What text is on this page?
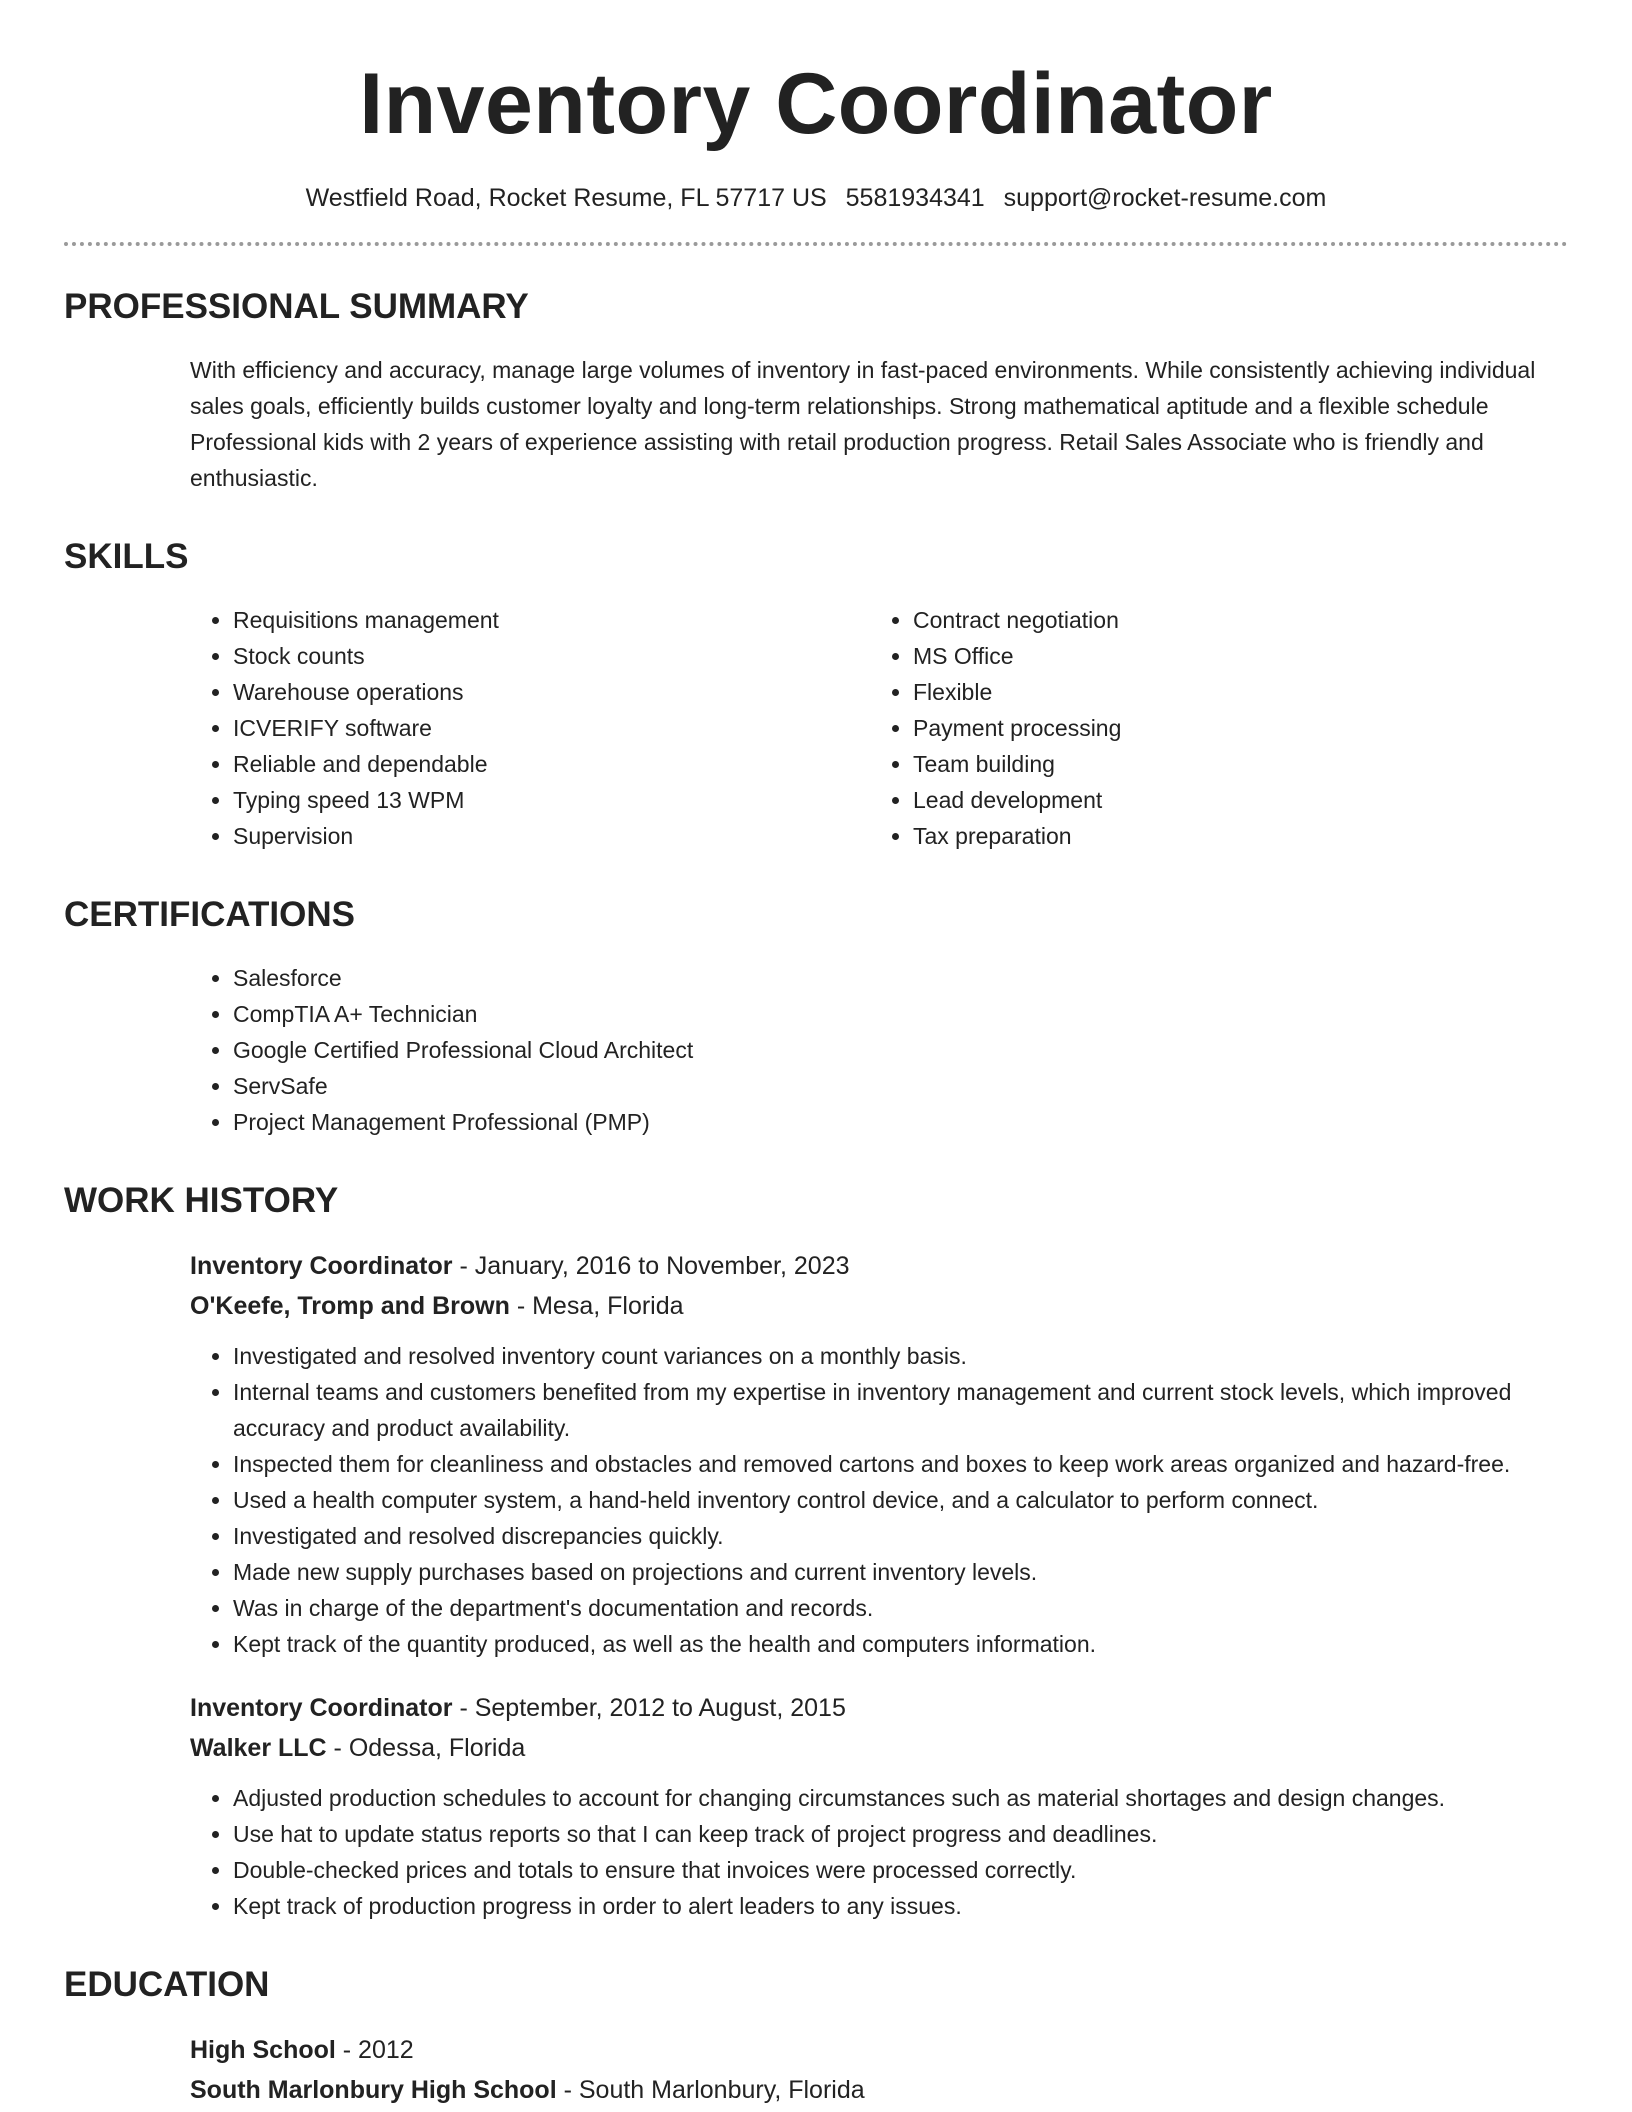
Inventory Coordinator
Westfield Road, Rocket Resume, FL 57717 US 5581934341 support@rocket-resume.com
PROFESSIONAL SUMMARY

With efficiency and accuracy, manage large volumes of inventory in fast-paced environments. While consistently achieving individual sales goals, efficiently builds customer loyalty and long-term relationships. Strong mathematical aptitude and a flexible schedule Professional kids with 2 years of experience assisting with retail production progress. Retail Sales Associate who is friendly and enthusiastic.

SKILLS
• Requisitions management
• Stock counts
• Warehouse operations
• ICVERIFY software
• Reliable and dependable
• Typing speed 13 WPM
• Supervision
• Contract negotiation
• MS Office
• Flexible
• Payment processing
• Team building
• Lead development
• Tax preparation
CERTIFICATIONS
• Salesforce
• CompTIA A+ Technician
• Google Certified Professional Cloud Architect
• ServSafe
• Project Management Professional (PMP)
WORK HISTORY
Inventory Coordinator - January, 2016 to November, 2023
O'Keefe, Tromp and Brown - Mesa, Florida
• Investigated and resolved inventory count variances on a monthly basis.
• Internal teams and customers benefited from my expertise in inventory management and current stock levels, which improved accuracy and product availability.
• Inspected them for cleanliness and obstacles and removed cartons and boxes to keep work areas organized and hazard-free.
• Used a health computer system, a hand-held inventory control device, and a calculator to perform connect.
• Investigated and resolved discrepancies quickly.
• Made new supply purchases based on projections and current inventory levels.
• Was in charge of the department's documentation and records.
• Kept track of the quantity produced, as well as the health and computers information.
Inventory Coordinator - September, 2012 to August, 2015
Walker LLC - Odessa, Florida
• Adjusted production schedules to account for changing circumstances such as material shortages and design changes.
• Use hat to update status reports so that I can keep track of project progress and deadlines.
• Double-checked prices and totals to ensure that invoices were processed correctly.
• Kept track of production progress in order to alert leaders to any issues.
EDUCATION
High School - 2012
South Marlonbury High School - South Marlonbury, Florida
